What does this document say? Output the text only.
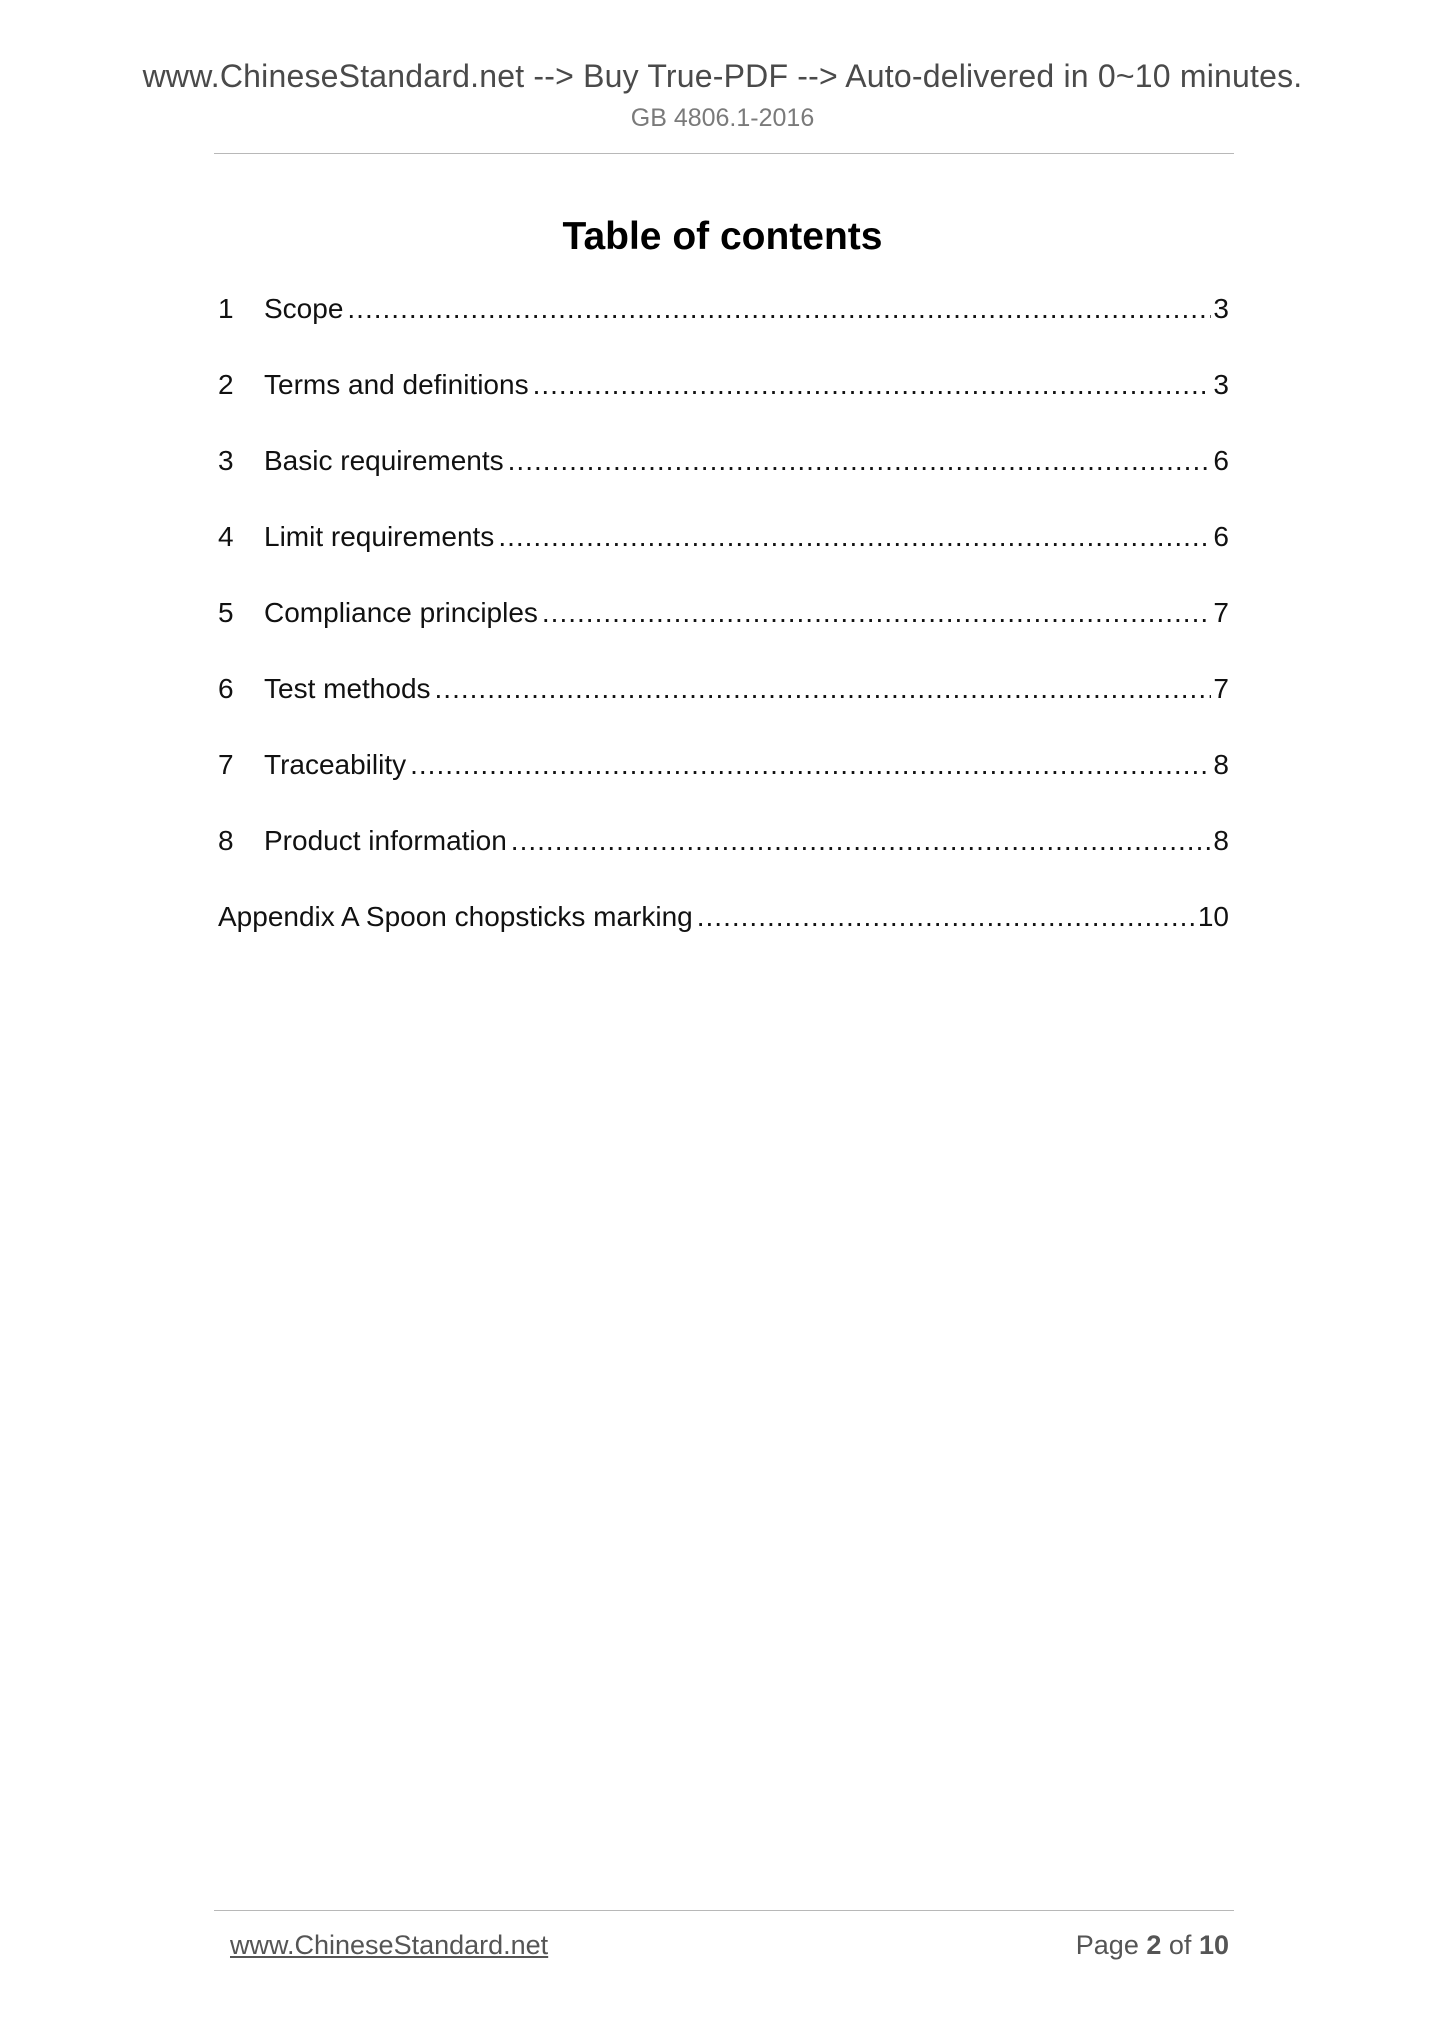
www.ChineseStandard.net --> Buy True-PDF --> Auto-delivered in 0~10 minutes.
GB 4806.1-2016
Table of contents
1	Scope .....	3
2	Terms and definitions .....	3
3	Basic requirements .....	6
4	Limit requirements .....	6
5	Compliance principles .....	7
6	Test methods .....	7
7	Traceability .....	8
8	Product information .....	8
Appendix A Spoon chopsticks marking .....	10
www.ChineseStandard.net	Page 2 of 10
